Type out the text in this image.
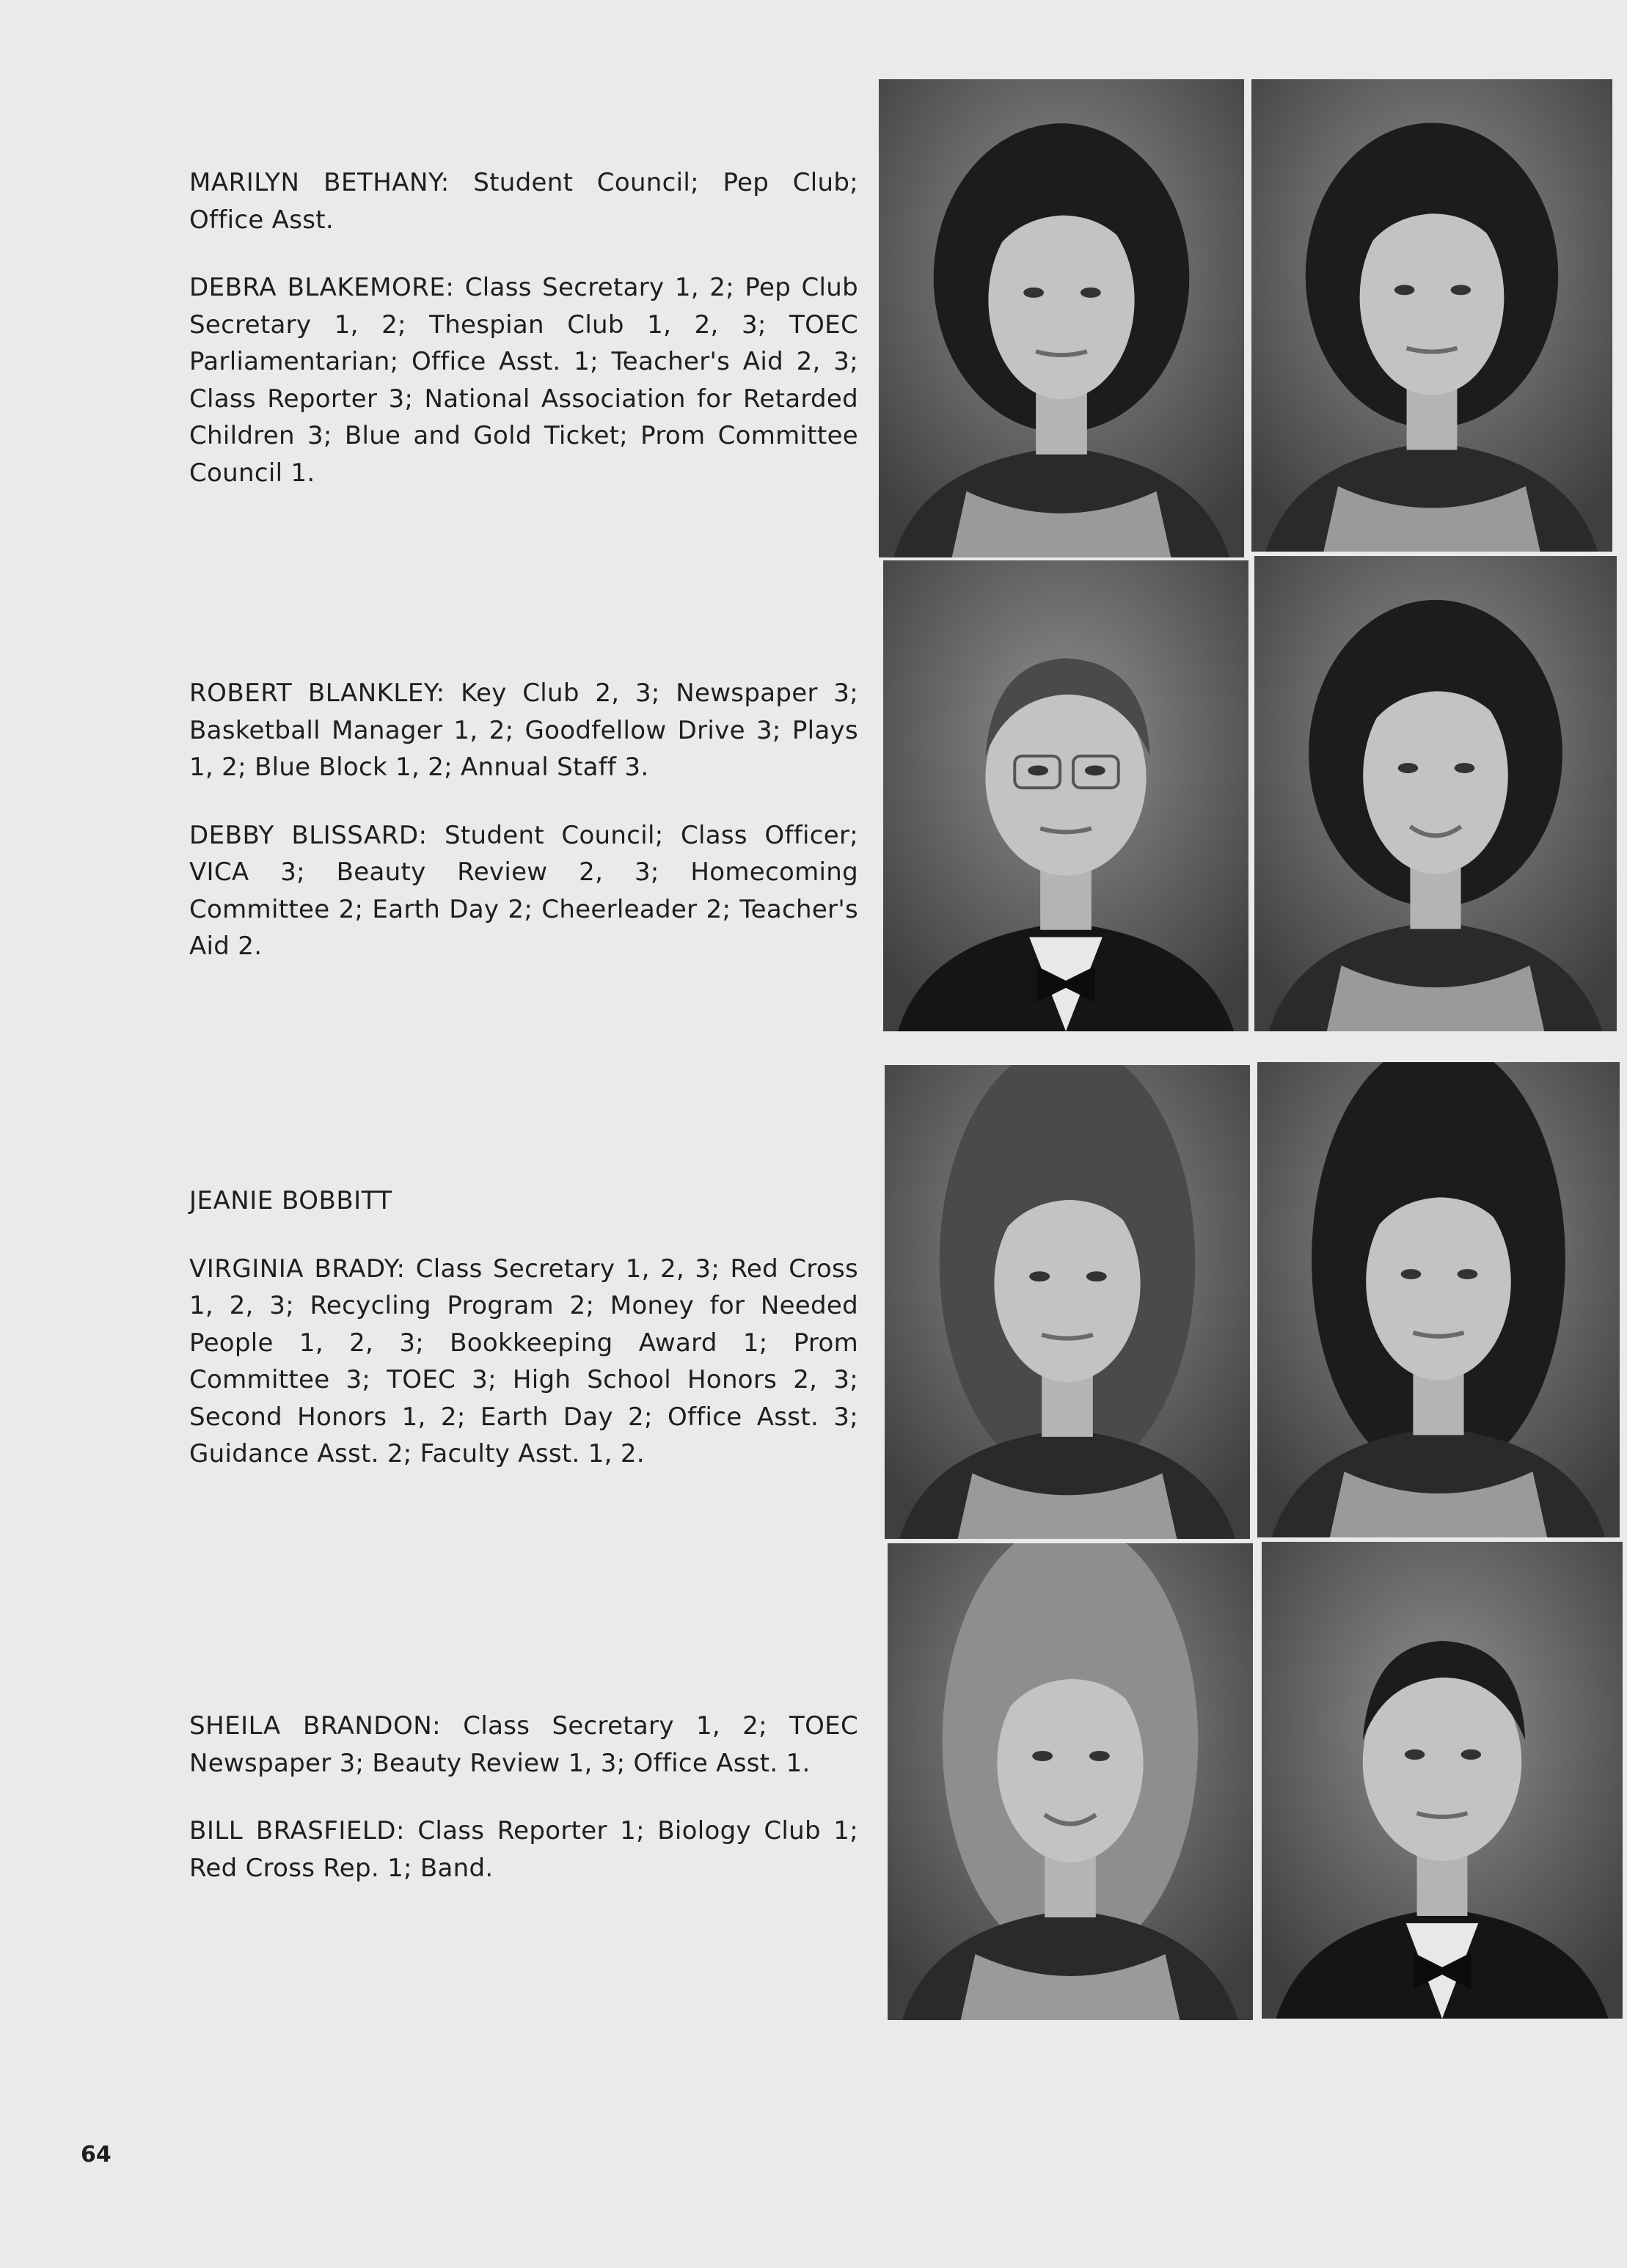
MARILYN BETHANY: Student Council; Pep Club; Office Asst.

DEBRA BLAKEMORE: Class Secretary 1, 2; Pep Club Secretary 1, 2; Thespian Club 1, 2, 3; TOEC Parliamentarian; Office Asst. 1; Teacher's Aid 2, 3; Class Reporter 3; National Association for Retarded Children 3; Blue and Gold Ticket; Prom Committee Council 1.

ROBERT BLANKLEY: Key Club 2, 3; Newspaper 3; Basketball Manager 1, 2; Goodfellow Drive 3; Plays 1, 2; Blue Block 1, 2; Annual Staff 3.

DEBBY BLISSARD: Student Council; Class Officer; VICA 3; Beauty Review 2, 3; Homecoming Committee 2; Earth Day 2; Cheerleader 2; Teacher's Aid 2.

JEANIE BOBBITT

VIRGINIA BRADY: Class Secretary 1, 2, 3; Red Cross 1, 2, 3; Recycling Program 2; Money for Needed People 1, 2, 3; Bookkeeping Award 1; Prom Committee 3; TOEC 3; High School Honors 2, 3; Second Honors 1, 2; Earth Day 2; Office Asst. 3; Guidance Asst. 2; Faculty Asst. 1, 2.

SHEILA BRANDON: Class Secretary 1, 2; TOEC Newspaper 3; Beauty Review 1, 3; Office Asst. 1.

BILL BRASFIELD: Class Reporter 1; Biology Club 1; Red Cross Rep. 1; Band.

64
